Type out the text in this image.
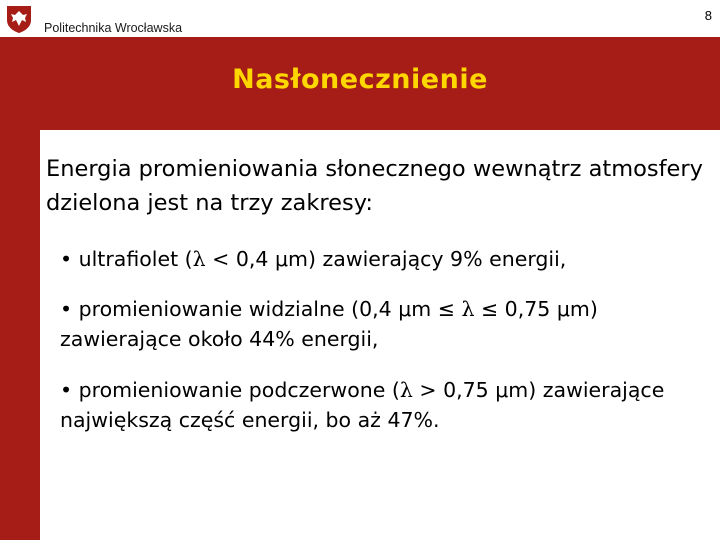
Politechnika Wrocławska
8
Nasłonecznienie
Energia promieniowania słonecznego wewnątrz atmosfery dzielona jest na trzy zakresy:
• ultrafiolet (λ < 0,4 μm) zawierający 9% energii,
• promieniowanie widzialne (0,4 μm ≤ λ ≤ 0,75 μm) zawierające około 44% energii,
• promieniowanie podczerwone (λ > 0,75 μm) zawierające największą część energii, bo aż 47%.
